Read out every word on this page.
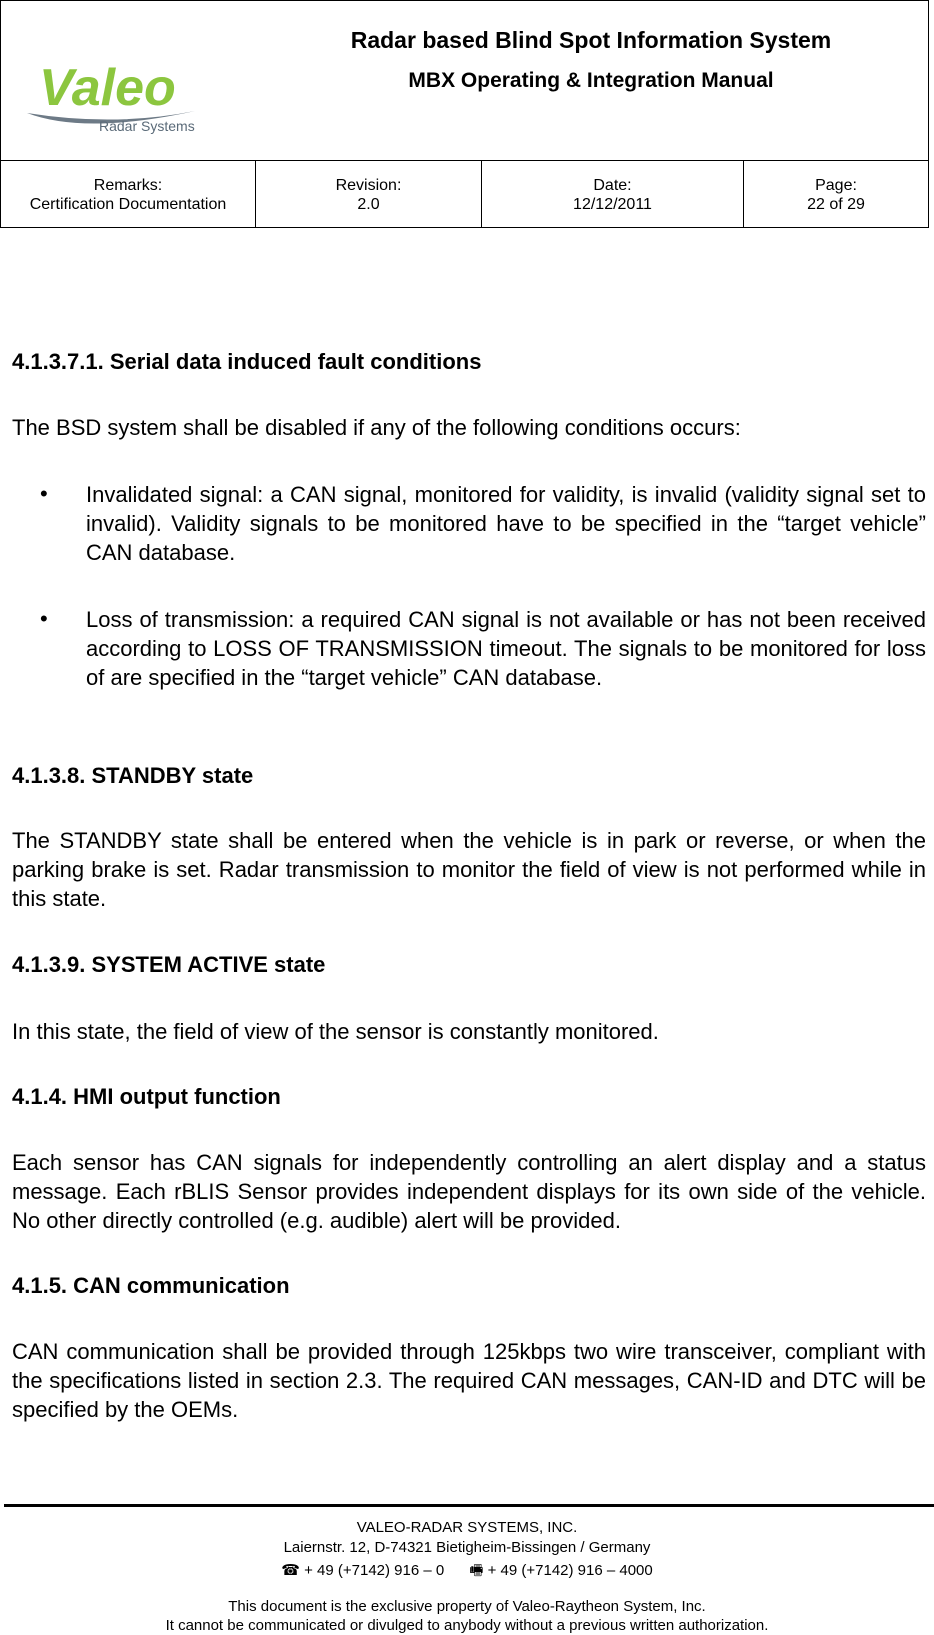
Valeo
Radar Systems
Radar based Blind Spot Information System
MBX Operating & Integration Manual
Remarks:
Certification Documentation
Revision:
2.0
Date:
12/12/2011
Page:
22 of 29
4.1.3.7.1. Serial data induced fault conditions
The BSD system shall be disabled if any of the following conditions occurs:
• Invalidated signal: a CAN signal, monitored for validity, is invalid (validity signal set to invalid). Validity signals to be monitored have to be specified in the “target vehicle” CAN database.

• Loss of transmission: a required CAN signal is not available or has not been received according to LOSS OF TRANSMISSION timeout. The signals to be monitored for loss of are specified in the “target vehicle” CAN database.

4.1.3.8. STANDBY state

The STANDBY state shall be entered when the vehicle is in park or reverse, or when the parking brake is set. Radar transmission to monitor the field of view is not performed while in this state.

4.1.3.9. SYSTEM ACTIVE state
In this state, the field of view of the sensor is constantly monitored.
4.1.4. HMI output function

Each sensor has CAN signals for independently controlling an alert display and a status message. Each rBLIS Sensor provides independent displays for its own side of the vehicle. No other directly controlled (e.g. audible) alert will be provided.

4.1.5. CAN communication

CAN communication shall be provided through 125kbps two wire transceiver, compliant with the specifications listed in section 2.3. The required CAN messages, CAN-ID and DTC will be specified by the OEMs.

VALEO-RADAR SYSTEMS, INC.
Laiernstr. 12, D-74321 Bietigheim-Bissingen / Germany
☎ + 49 (+7142) 916 – 0 🖷 + 49 (+7142) 916 – 4000
This document is the exclusive property of Valeo-Raytheon System, Inc.
It cannot be communicated or divulged to anybody without a previous written authorization.
